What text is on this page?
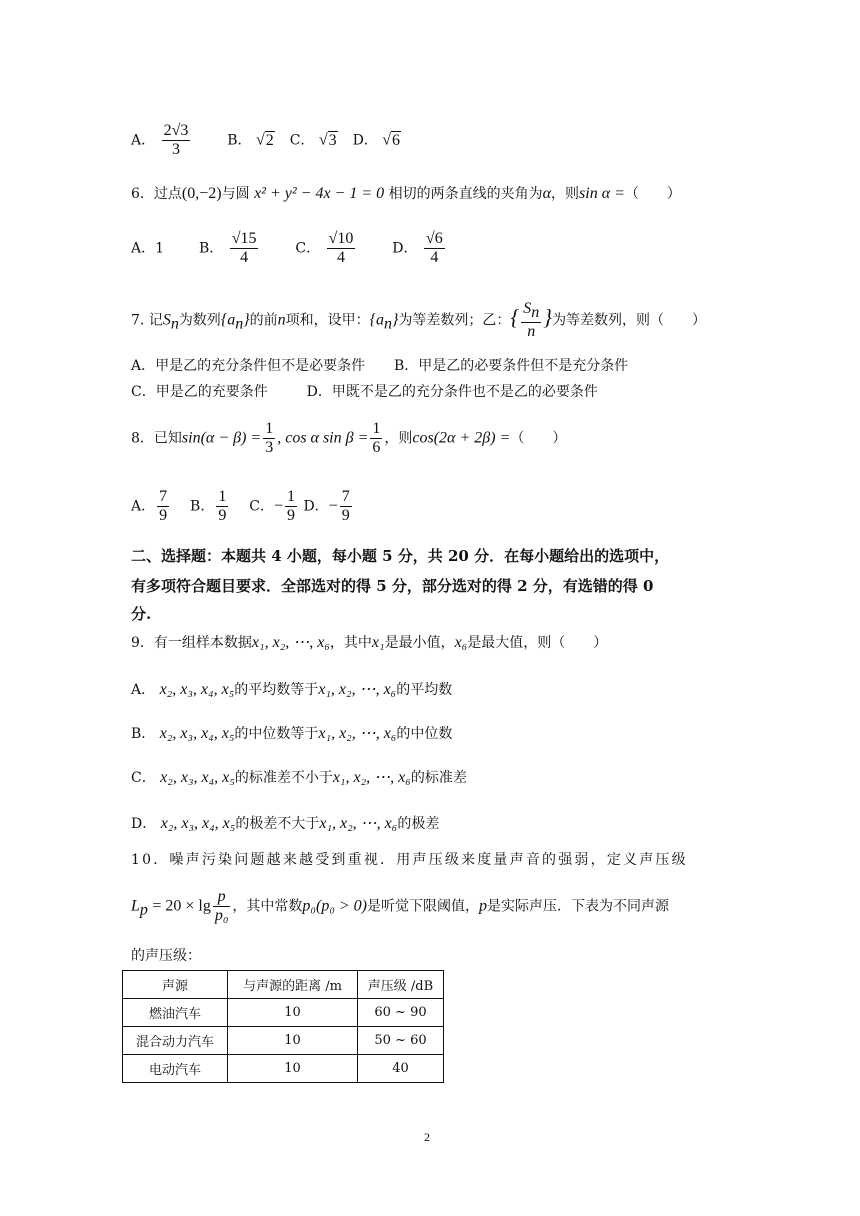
A． $\frac{2√3}{3}$	B． √2 C． √3 D． √6
6．过点(0,−2)与圆 x² + y² − 4x − 1 = 0 相切的两条直线的夹角为α，则sin α =（　　）
A．1 B． $\frac{√15}{4}$	C． $\frac{√10}{4}$	D． $\frac{√6}{4}$
7. 记$S_n$为数列$\{a_n\}$的前n项和，设甲：$\{a_n\}$为等差数列；乙：{ $\frac{S_n}{n}$ }为等差数列，则（　　）
A．甲是乙的充分条件但不是必要条件 B．甲是乙的必要条件但不是充分条件
C．甲是乙的充要条件	D．甲既不是乙的充分条件也不是乙的必要条件
8．已知$\sin(\alpha - \beta) = \frac{1}{3}$ , cos α $\sin \beta = \frac{1}{6}$ ，则cos(2α + 2β) =（　　）
A． $\frac{7}{9}$ B． $\frac{1}{9}$ C．− $\frac{1}{9}$ D．− $\frac{7}{9}$
二、选择题：本题共 4 小题，每小题 5 分，共 20 分．在每小题给出的选项中，
有多项符合题目要求．全部选对的得 5 分，部分选对的得 2 分，有选错的得 0
分.
9．有一组样本数据x₁, x₂, ⋯, x₆，其中x₁是最小值，x₆是最大值，则（　　）
A． x₂, x₃, x₄, x₅的平均数等于x₁, x₂, ⋯, x₆的平均数
B． x₂, x₃, x₄, x₅的中位数等于x₁, x₂, ⋯, x₆的中位数
C． x₂, x₃, x₄, x₅的标准差不小于x₁, x₂, ⋯, x₆的标准差
D． x₂, x₃, x₄, x₅的极差不大于x₁, x₂, ⋯, x₆的极差
10．噪声污染问题越来越受到重视．用声压级来度量声音的强弱，定义声压级
$L_p = 20 \times \lg \frac{p}{\text{p₀}}$ ，其中常数p₀(p₀ > 0)是听觉下限阈值，p是实际声压．下表为不同声源
的声压级：
声源	与声源的距离 /m	声压级 /dB
燃油汽车	10	60 ~ 90
混合动力汽车	10	50 ~ 60
电动汽车	10	40
2
